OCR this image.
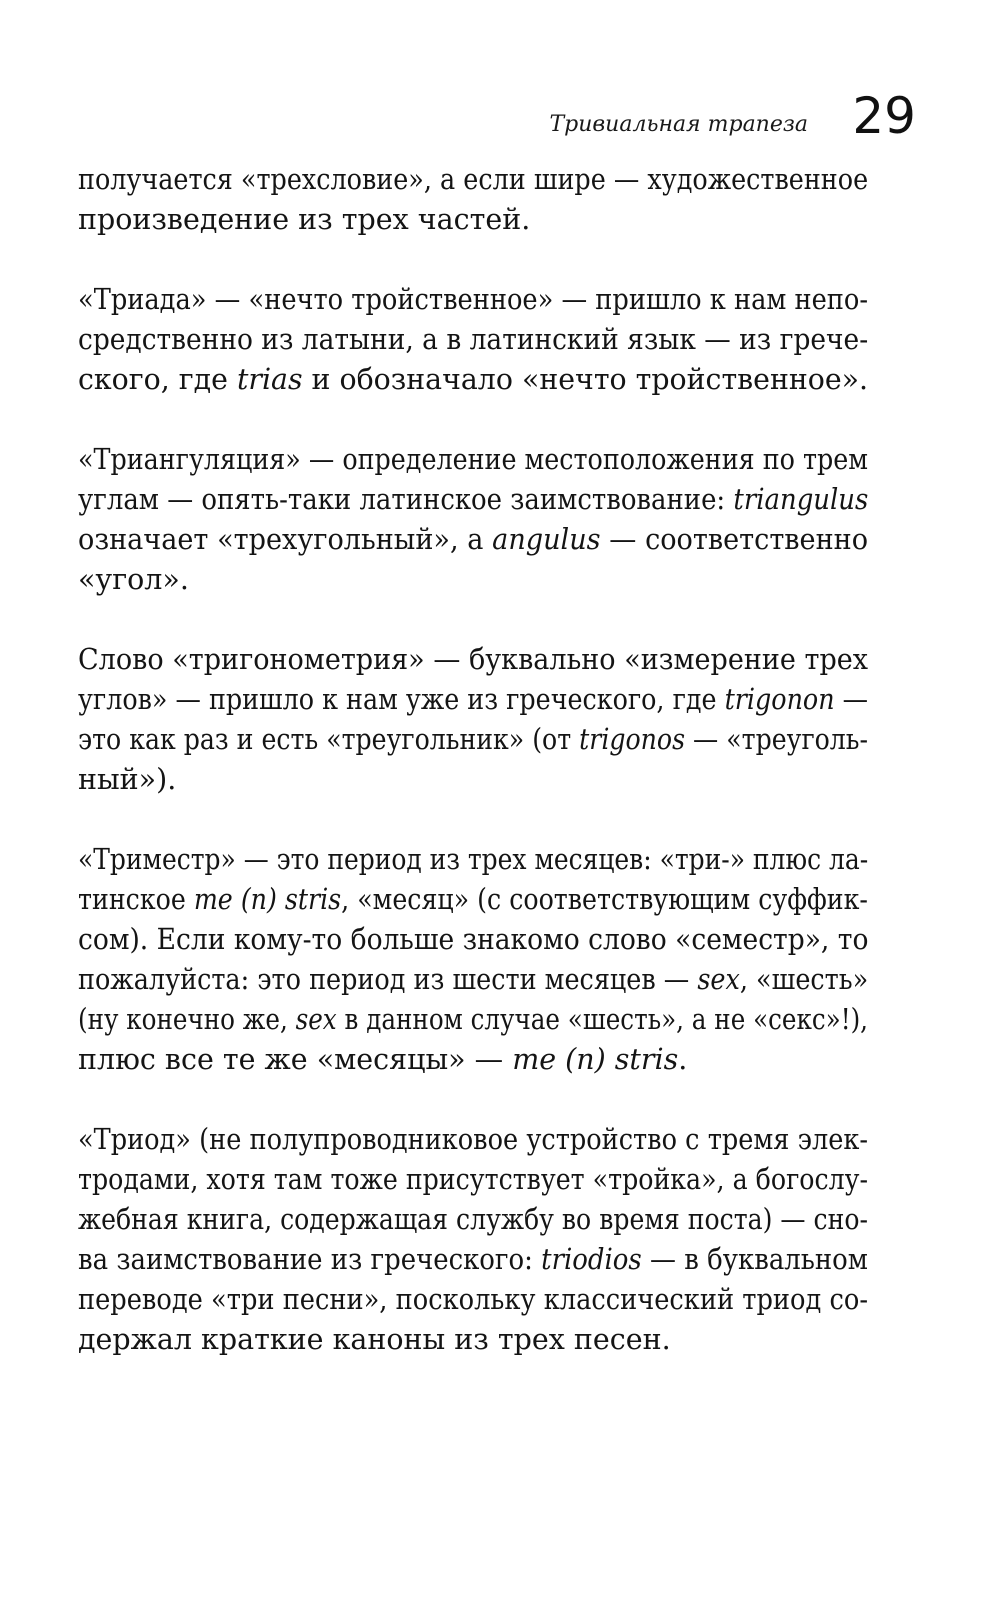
Тривиальная трапеза 29

получается «трехсловие», а если шире — художественное
произведение из трех частей.

«Триада» — «нечто тройственное» — пришло к нам непо-
средственно из латыни, а в латинский язык — из грече-
ского, где trias и обозначало «нечто тройственное».

«Триангуляция» — определение местоположения по трем
углам — опять-таки латинское заимствование: triangulus
означает «трехугольный», а angulus — соответственно
«угол».

Слово «тригонометрия» — буквально «измерение трех
углов» — пришло к нам уже из греческого, где trigonon —
это как раз и есть «треугольник» (от trigonos — «треуголь-
ный»).

«Триместр» — это период из трех месяцев: «три-» плюс ла-
тинское me (n) stris, «месяц» (с соответствующим суффик-
сом). Если кому-то больше знакомо слово «семестр», то
пожалуйста: это период из шести месяцев — sex, «шесть»
(ну конечно же, sex в данном случае «шесть», а не «секс»!),
плюс все те же «месяцы» — me (n) stris.

«Триод» (не полупроводниковое устройство с тремя элек-
тродами, хотя там тоже присутствует «тройка», а богослу-
жебная книга, содержащая службу во время поста) — сно-
ва заимствование из греческого: triodios — в буквальном
переводе «три песни», поскольку классический триод со-
держал краткие каноны из трех песен.
